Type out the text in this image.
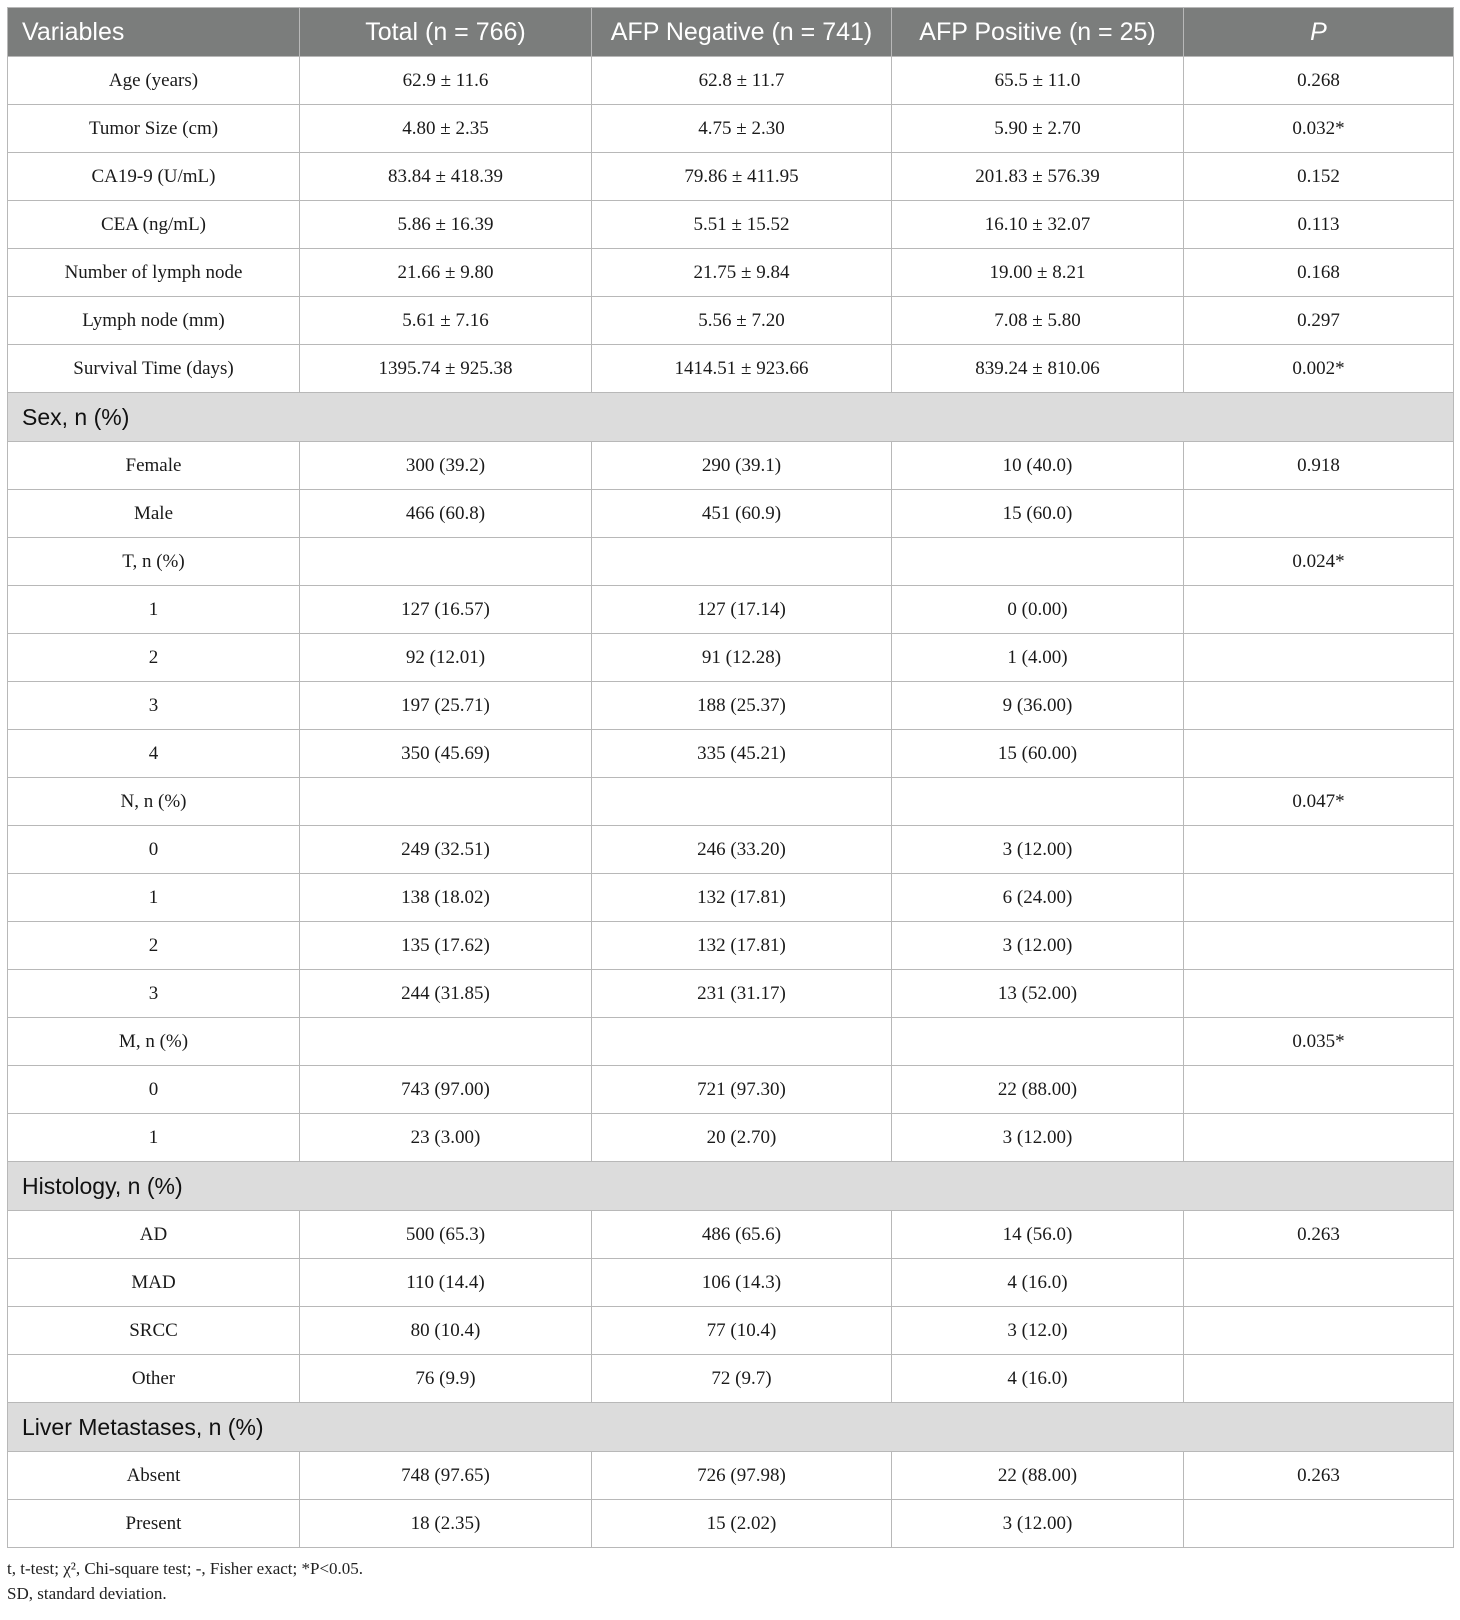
Variables	Total (n = 766)	AFP Negative (n = 741)	AFP Positive (n = 25)	P
Age (years)	62.9 ± 11.6	62.8 ± 11.7	65.5 ± 11.0	0.268
Tumor Size (cm)	4.80 ± 2.35	4.75 ± 2.30	5.90 ± 2.70	0.032*
CA19-9 (U/mL)	83.84 ± 418.39	79.86 ± 411.95	201.83 ± 576.39	0.152
CEA (ng/mL)	5.86 ± 16.39	5.51 ± 15.52	16.10 ± 32.07	0.113
Number of lymph node	21.66 ± 9.80	21.75 ± 9.84	19.00 ± 8.21	0.168
Lymph node (mm)	5.61 ± 7.16	5.56 ± 7.20	7.08 ± 5.80	0.297
Survival Time (days)	1395.74 ± 925.38	1414.51 ± 923.66	839.24 ± 810.06	0.002*
Sex, n (%)				
Female	300 (39.2)	290 (39.1)	10 (40.0)	0.918
Male	466 (60.8)	451 (60.9)	15 (60.0)	
T, n (%)				0.024*
1	127 (16.57)	127 (17.14)	0 (0.00)	
2	92 (12.01)	91 (12.28)	1 (4.00)	
3	197 (25.71)	188 (25.37)	9 (36.00)	
4	350 (45.69)	335 (45.21)	15 (60.00)	
N, n (%)				0.047*
0	249 (32.51)	246 (33.20)	3 (12.00)	
1	138 (18.02)	132 (17.81)	6 (24.00)	
2	135 (17.62)	132 (17.81)	3 (12.00)	
3	244 (31.85)	231 (31.17)	13 (52.00)	
M, n (%)				0.035*
0	743 (97.00)	721 (97.30)	22 (88.00)	
1	23 (3.00)	20 (2.70)	3 (12.00)	
Histology, n (%)				
AD	500 (65.3)	486 (65.6)	14 (56.0)	0.263
MAD	110 (14.4)	106 (14.3)	4 (16.0)	
SRCC	80 (10.4)	77 (10.4)	3 (12.0)	
Other	76 (9.9)	72 (9.7)	4 (16.0)	
Liver Metastases, n (%)				
Absent	748 (97.65)	726 (97.98)	22 (88.00)	0.263
Present	18 (2.35)	15 (2.02)	3 (12.00)	

t, t-test; χ², Chi-square test; -, Fisher exact; *P<0.05.

SD, standard deviation.
